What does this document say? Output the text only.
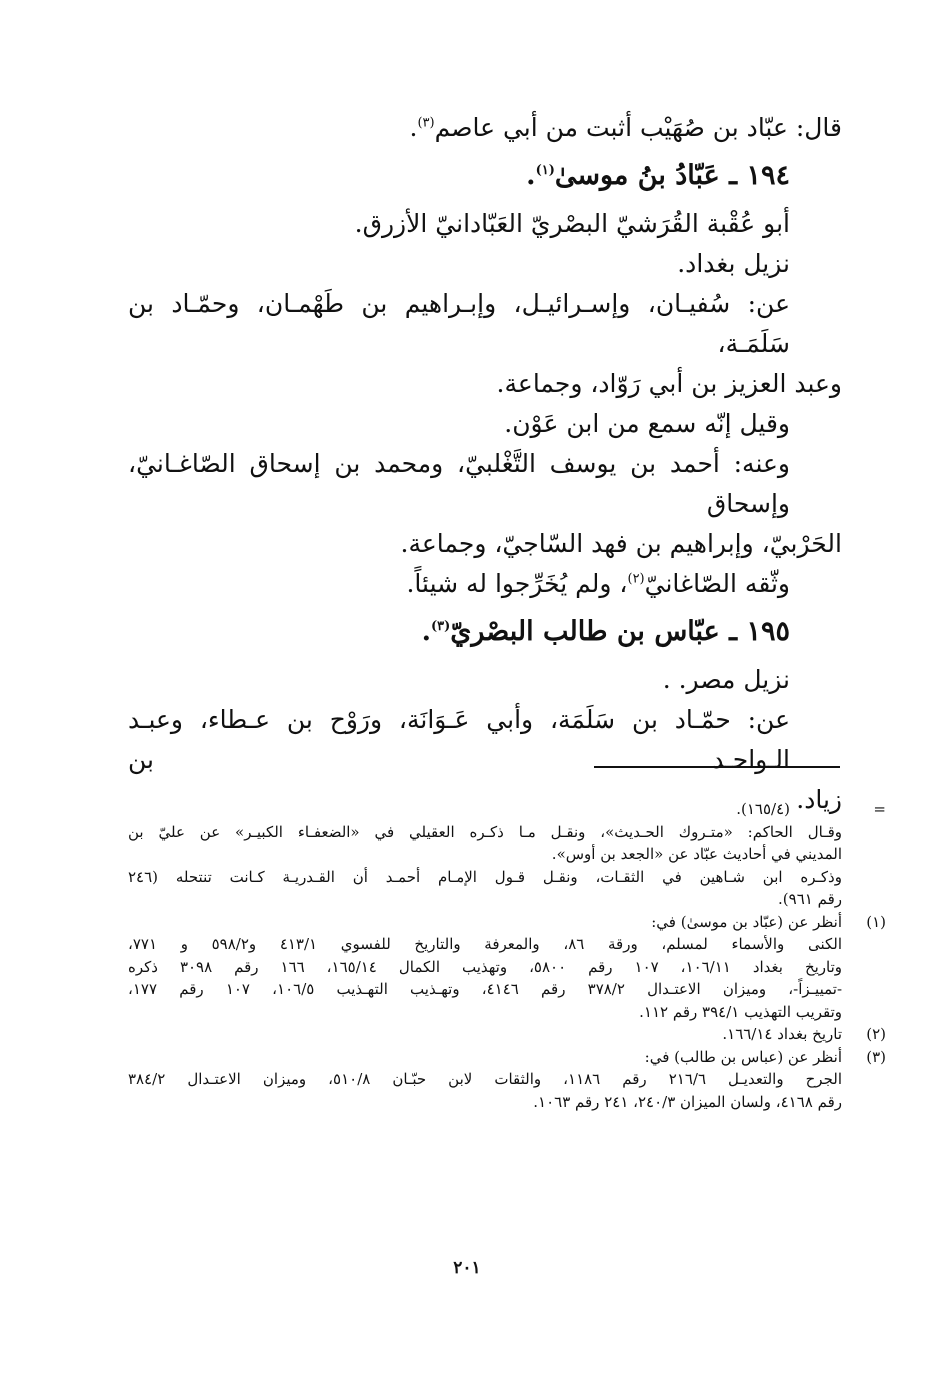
قال: عبّاد بن صُهَيْب أثبت من أبي عاصم$^{(٣)}$.

١٩٤ ـ عَبّادُ بنُ موسىٰ$^{(١)}$.

أبو عُقْبة القُرَشيّ البصْريّ العَبّادانيّ الأزرق.

نزيل بغداد.

عن: سُفيـان، وإسـرائيـل، وإبـراهيم بن طَهْمـان، وحمّـاد بن سَلَمَـة،

وعبد العزيز بن أبي رَوّاد، وجماعة.

وقيل إنّه سمع من ابن عَوْن.

وعنه: أحمد بن يوسف التَّغْلبيّ، ومحمد بن إسحاق الصّاغـانيّ، وإسحاق

الحَرْبيّ، وإبراهيم بن فهد السّاجيّ، وجماعة.

وثّقه الصّاغانيّ$^{(٢)}$، ولم يُخَرِّجوا له شيئاً.

١٩٥ ـ عبّاس بن طالب البصْريّ$^{(٣)}$.

نزيل مصر. .

عن: حمّـاد بن سَلَمَة، وأبي عَـوَانَة، ورَوْح بن عـطاء، وعبـد الـواحـد بن

زياد.	=
(١٦٥/٤).
وقـال الحاكم: «متـروك الحـديث»، ونقـل مـا ذكـره العقيلي في «الضعفـاء الكبيـر» عن عليّ بن
المديني في أحاديث عبّاد عن «الجعد بن أوس».
وذكـره ابن شـاهين في الثقـات، ونقـل قـول الإمـام أحمـد أن القـدريـة كـانت تنتحله (٢٤٦
رقم ٩٦١).
(١)
أنظر عن (عبّاد بن موسىٰ) في:
الكنى والأسماء لمسلم، ورقة ٨٦، والمعرفة والتاريخ للفسوي ٤١٣/١ و٥٩٨/٢ و ٧٧١،
وتاريخ بغداد ١٠٦/١١، ١٠٧ رقم ٥٨٠٠، وتهذيب الكمال ١٦٥/١٤، ١٦٦ رقم ٣٠٩٨ ذكره
-تمييـزاً-، وميزان الاعتـدال ٣٧٨/٢ رقم ٤١٤٦، وتهـذيب التهـذيب ١٠٦/٥، ١٠٧ رقم ١٧٧،
وتقريب التهذيب ٣٩٤/١ رقم ١١٢.
(٢)
تاريخ بغداد ١٦٦/١٤.
(٣)
أنظر عن (عباس بن طالب) في:
الجرح والتعديـل ٢١٦/٦ رقم ١١٨٦، والثقات لابن حبّـان ٥١٠/٨، وميزان الاعتـدال ٣٨٤/٢
رقم ٤١٦٨، ولسان الميزان ٢٤٠/٣، ٢٤١ رقم ١٠٦٣.
٢٠١
